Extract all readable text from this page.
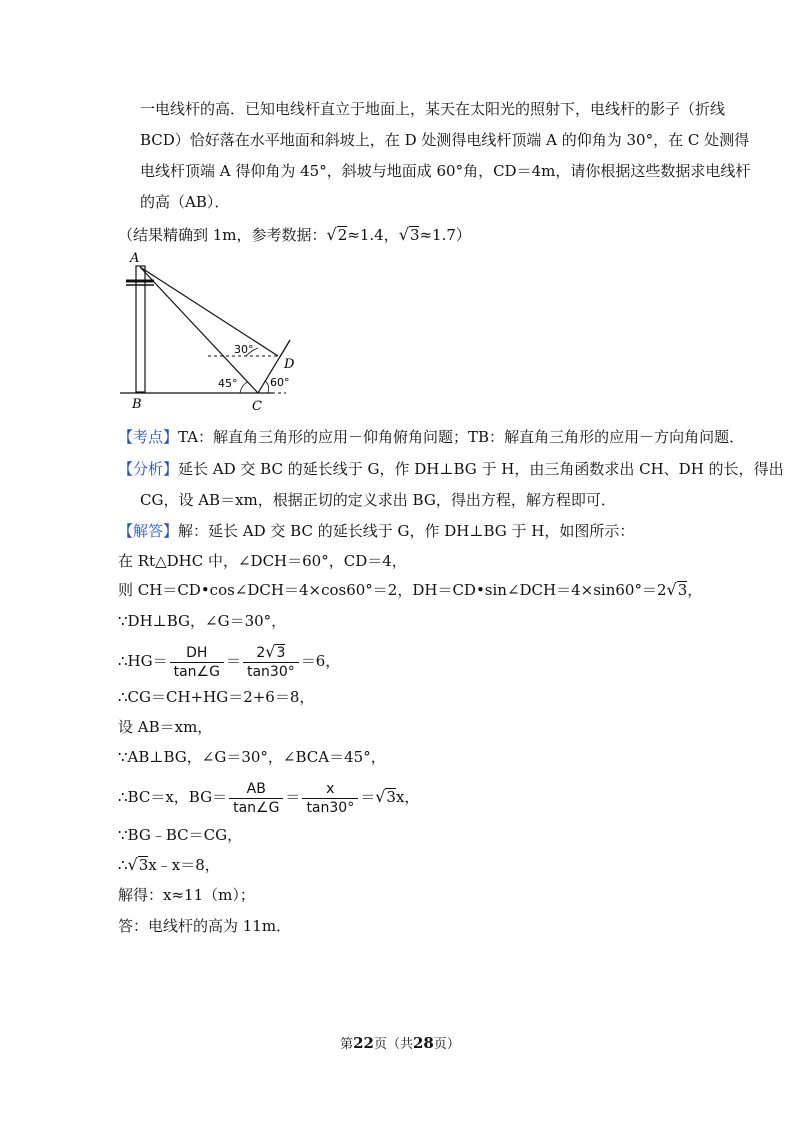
一电线杆的高．已知电线杆直立于地面上，某天在太阳光的照射下，电线杆的影子（折线
BCD）恰好落在水平地面和斜坡上，在 D 处测得电线杆顶端 A 的仰角为 30°，在 C 处测得
电线杆顶端 A 得仰角为 45°，斜坡与地面成 60°角，CD＝4m，请你根据这些数据求电线杆
的高（AB）．
（结果精确到 1m，参考数据：√2≈1.4，√3≈1.7）
A
B	C
D
30°
45°	60°
【考点】TA：解直角三角形的应用－仰角俯角问题；TB：解直角三角形的应用－方向角问题．
【分析】延长 AD 交 BC 的延长线于 G，作 DH⊥BG 于 H，由三角函数求出 CH、DH 的长，得出
CG，设 AB＝xm，根据正切的定义求出 BG，得出方程，解方程即可．
【解答】解：延长 AD 交 BC 的延长线于 G，作 DH⊥BG 于 H，如图所示：
在 Rt△DHC 中，∠DCH＝60°，CD＝4，
则 CH＝CD•cos∠DCH＝4×cos60°＝2，DH＝CD•sin∠DCH＝4×sin60°＝2√3，
∵DH⊥BG，∠G＝30°，
∴HG＝ $\frac{DH}{\tan\angle G} = \frac{2√3}{\tan 30^\circ} =6$，
∴CG＝CH+HG＝2+6＝8，
设 AB＝xm，
∵AB⊥BG，∠G＝30°，∠BCA＝45°，
∴BC＝x，$BG= \frac{AB}{\tan\angle G} = \frac{x}{\tan 30^\circ} =√3x$，
∵BG﹣BC＝CG，
∴√3x﹣x＝8，
解得：x≈11（m）；
答：电线杆的高为 11m．
第22页（共28页）
